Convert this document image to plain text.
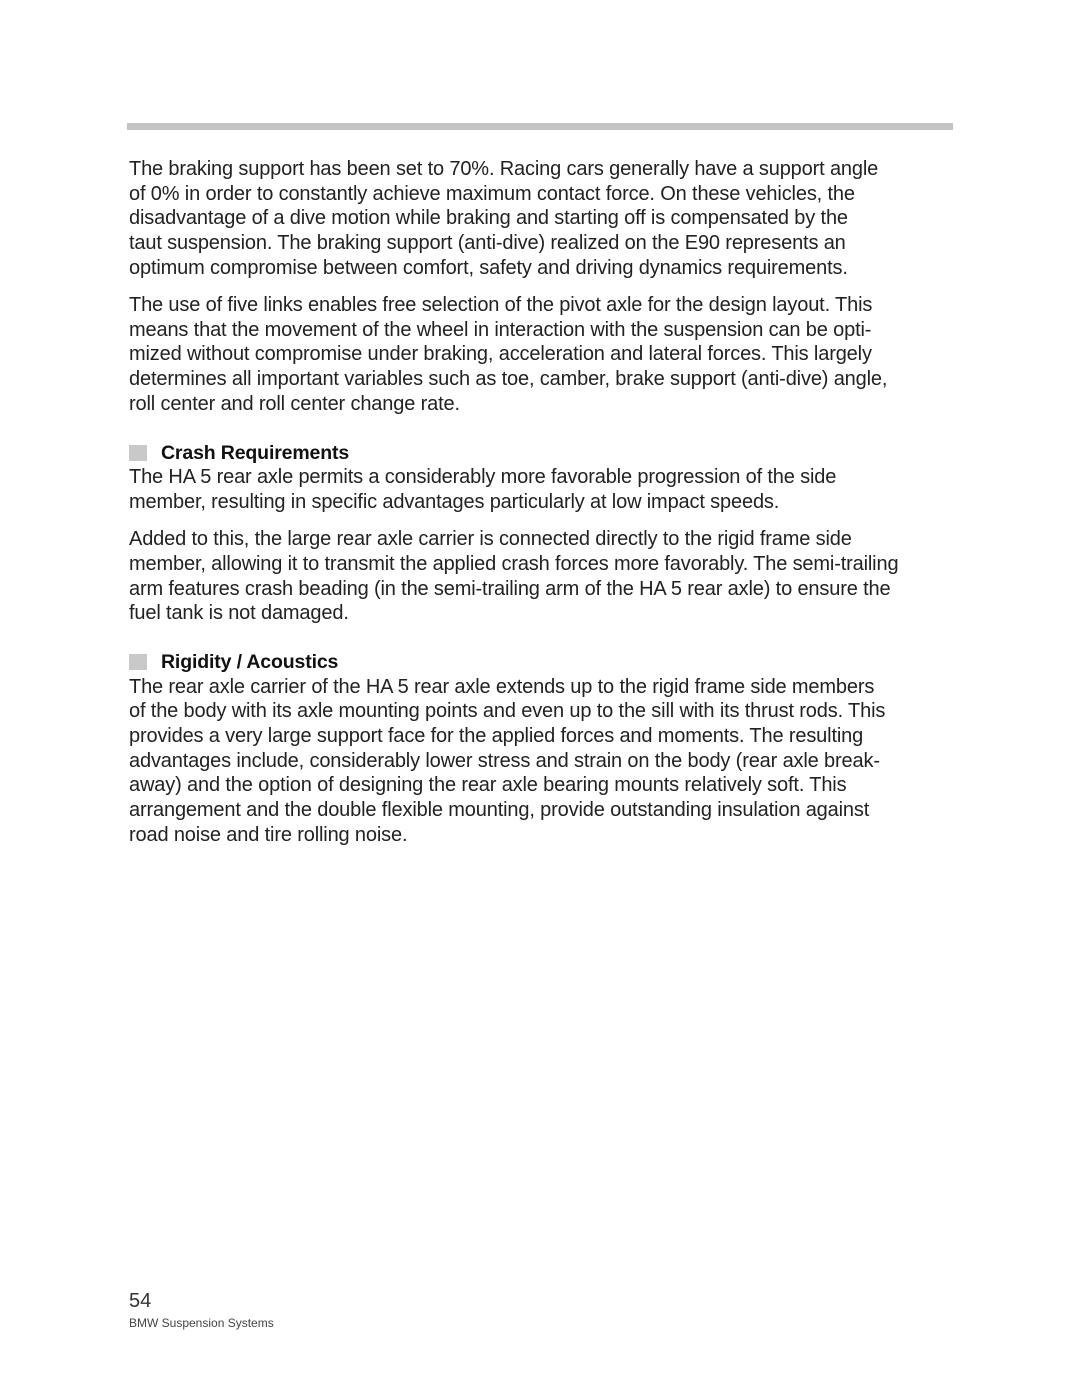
The braking support has been set to 70%. Racing cars generally have a support angle
of 0% in order to constantly achieve maximum contact force. On these vehicles, the
disadvantage of a dive motion while braking and starting off is compensated by the
taut suspension. The braking support (anti-dive) realized on the E90 represents an
optimum compromise between comfort, safety and driving dynamics requirements.

The use of five links enables free selection of the pivot axle for the design layout. This
means that the movement of the wheel in interaction with the suspension can be opti-
mized without compromise under braking, acceleration and lateral forces. This largely
determines all important variables such as toe, camber, brake support (anti-dive) angle,
roll center and roll center change rate.

Crash Requirements

The HA 5 rear axle permits a considerably more favorable progression of the side
member, resulting in specific advantages particularly at low impact speeds.

Added to this, the large rear axle carrier is connected directly to the rigid frame side
member, allowing it to transmit the applied crash forces more favorably. The semi-trailing
arm features crash beading (in the semi-trailing arm of the HA 5 rear axle) to ensure the
fuel tank is not damaged.

Rigidity / Acoustics

The rear axle carrier of the HA 5 rear axle extends up to the rigid frame side members
of the body with its axle mounting points and even up to the sill with its thrust rods. This
provides a very large support face for the applied forces and moments. The resulting
advantages include, considerably lower stress and strain on the body (rear axle break-
away) and the option of designing the rear axle bearing mounts relatively soft. This
arrangement and the double flexible mounting, provide outstanding insulation against
road noise and tire rolling noise.

54
BMW Suspension Systems
